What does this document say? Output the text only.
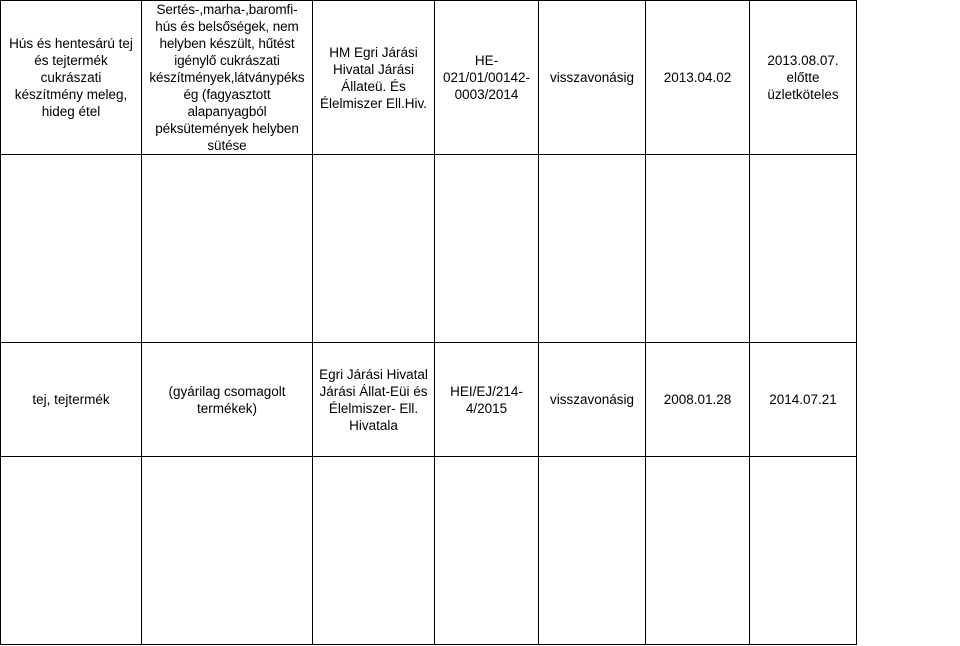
Hús és hentesárú tej és tejtermék cukrászati készítmény meleg, hideg étel	Sertés-,marha-,baromfi-hús és belsőségek, nem helyben készült, hűtést igénylő cukrászati készítmények,látványpéks ég (fagyasztott alapanyagból péksütemények helyben sütése	HM Egri Járási Hivatal Járási Állateü. És Élelmiszer Ell.Hiv.	HE-021/01/00142-0003/2014	visszavonásig	2013.04.02	2013.08.07. előtte üzletköteles

tej, tejtermék	(gyárilag csomagolt termékek)	Egri Járási Hivatal Járási Állat-Eüi és Élelmiszer- Ell. Hivatala	HEI/EJ/214-4/2015	visszavonásig	2008.01.28	2014.07.21
